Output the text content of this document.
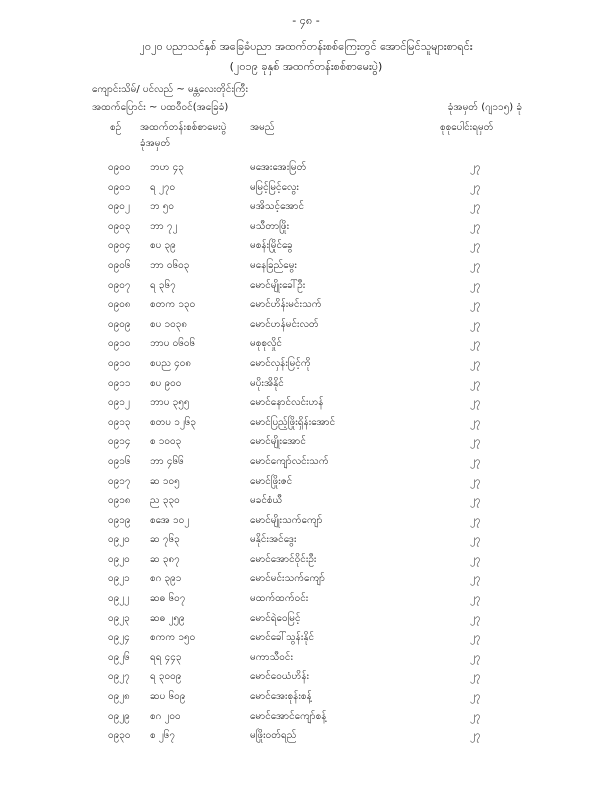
- ၄၈ -
၂၀၂၀ ပညာသင်နှစ် အခြေခံပညာ အထက်တန်းစစ်ကြေးတွင် အောင်မြင်သူများစာရင်း
(၂၀၁၉ ခုနှစ် အထက်တန်းစစ်စာမေးပွဲ)
ကျောင်းသိမ်/ ပင်လည် ~ မန္တလေးတိုင်းကြီး
အထက်ပြောင်း ~ ပထဝီဝင်(အခြေခံ)	ခုံအမှတ် (ဂျ၁၁၅) ခုံ
စဉ် အထက်တန်းစစ်စာမေးပွဲ
ခုံအမှတ်
အမည်	စုစုပေါင်းရမှတ်
၀၉၀၀ ဘဟ ၄၃	မအေးအေးမြတ်	၂၇
၀၉၀၁ ရ ၂၇၀	မမြင့်မြင့်လွေး	၂၇
၀၉၀၂ ဘ ၅၀	မအိသင့်အောင်	၂၇
၀၉၀၃ ဘာ ၇၂	မသီတာဖြိုး	၂၇
၀၉၀၄ စပ ၃၉	မစန်းမြိုင်ခွေ	၂၇
၀၉၀၆ ဘာ ၀၆၀၃	မနေခြည်မွေး	၂၇
၀၉၀၇ ရ ၃၆၇	မောင်မျိုးခေါ်ဦး	၂၇
၀၉၀၈ စတက ၁၃၀	မောင်ဟိန်းမင်းသက်	၂၇
၀၉၀၉ စပ ၁၀၃၈	မောင်ဟန်မင်းလတ်	၂၇
၀၉၁၀ ဘာပ ၀၆၀၆	မစုစုလှိုင်	၂၇
၀၉၁၀ စပည ၄၀၈	မောင်လှန်းမြင့်ကို	၂၇
၀၉၁၁ စပ ၉၀၀	မပိုးအိနိုင်	၂၇
၀၉၁၂ ဘာပ ၃၅၅	မောင်နောင်လင်းဟန်	၂၇
၀၉၁၃ စတပ ၁၂၆၃	မောင်ပြည့်ဖြိုးရှိန်းအောင်	၂၇
၀၉၁၄ စ ၁၀၀၃	မောင်မျိုးအောင်	၂၇
၀၉၁၆ ဘာ ၄၆၆	မောင်ကျော်လင်းသက်	၂၇
၀၉၁၇ ဆ ၁၀၅	မောင်ဖြိုးဇင်	၂၇
၀၉၁၈ ည ၃၃၀	မခင်စံယီ	၂၇
၀၉၁၉ စအေ ၁၀၂	မောင်မျိုးသက်ကျော်	၂၇
၀၉၂၀ ဆ ၇၆၃	မနိုင်းအင်ဒွေး	၂၇
၀၉၂၀ ဆ ၃၈၇	မောင်အောင်ဝိုင်းဦး	၂၇
၀၉၂၁ စဂ ၃၉၁	မောင်မင်းသက်ကျော်	၂၇
၀၉၂၂ ဆဓ ၆၀၇	မထက်ထက်ဝင်း	၂၇
၀၉၂၃ ဆဓ ၂၅၉	မောင်ရဲဝေမြင့်	၂၇
၀၉၂၄ စကက ၁၅၀	မောင်ခေါ်သွန်းနိုင်	၂၇
၀၉၂၆ ရရ ၄၄၃	မကာသီဝင်း	၂၇
၀၉၂၇ ရ ၃၀၀၉	မောင်ဝေယံဟိန်း	၂၇
၀၉၂၈ ဆပ ၆၀၉	မောင်အေးစုန်းစန့်	၂၇
၀၉၂၉ စဂ ၂၀၀	မောင်အောင်ကျော်စန့်	၂၇
၀၉၃၀ စ ၂၆၇	မဖြိုးဝတ်ရည်	၂၇
